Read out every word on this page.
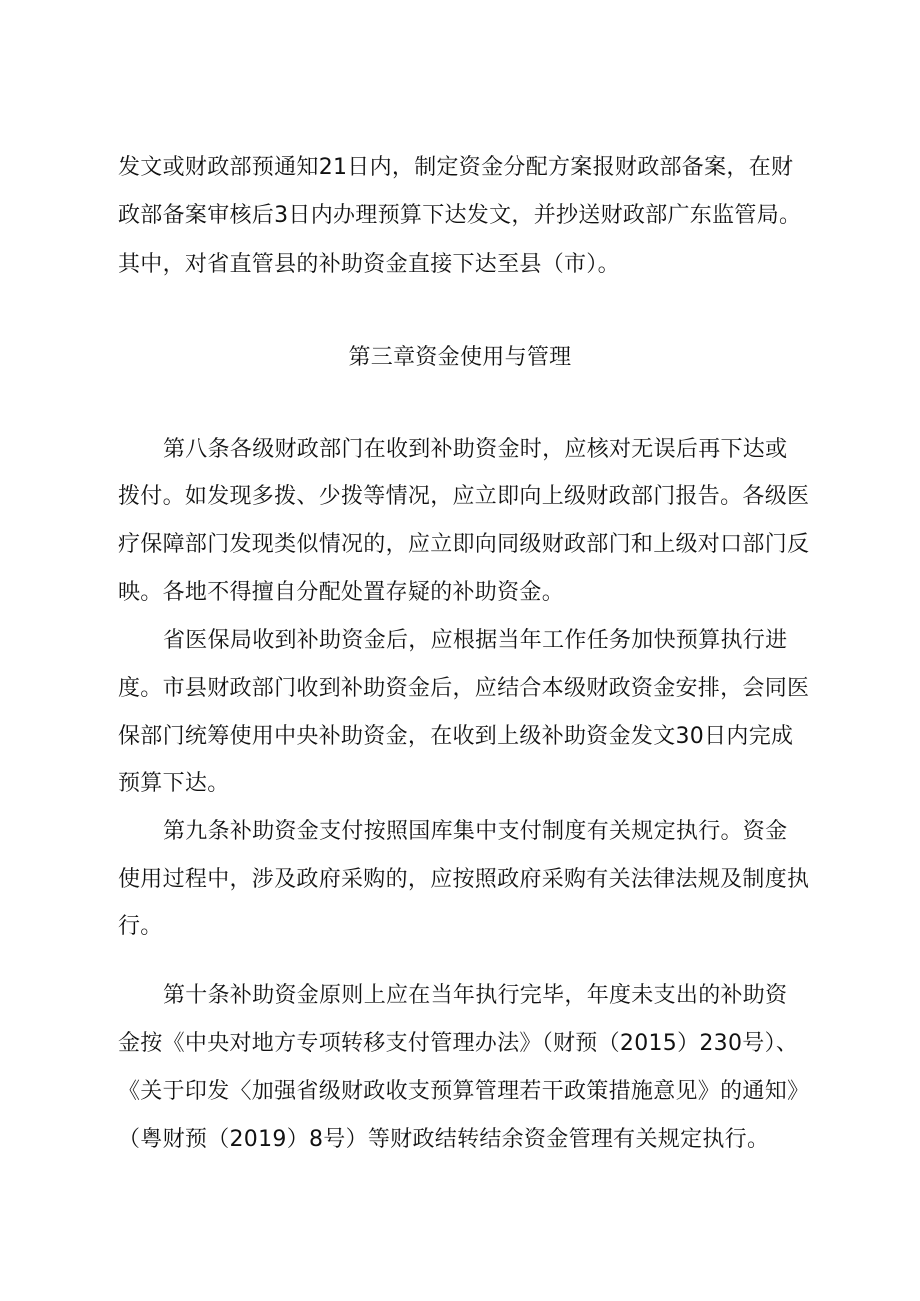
发文或财政部预通知21日内，制定资金分配方案报财政部备案，在财
政部备案审核后3日内办理预算下达发文，并抄送财政部广东监管局。
其中，对省直管县的补助资金直接下达至县（市）。
第三章资金使用与管理
第八条各级财政部门在收到补助资金时，应核对无误后再下达或
拨付。如发现多拨、少拨等情况，应立即向上级财政部门报告。各级医
疗保障部门发现类似情况的，应立即向同级财政部门和上级对口部门反
映。各地不得擅自分配处置存疑的补助资金。
省医保局收到补助资金后，应根据当年工作任务加快预算执行进
度。市县财政部门收到补助资金后，应结合本级财政资金安排，会同医
保部门统筹使用中央补助资金，在收到上级补助资金发文30日内完成
预算下达。
第九条补助资金支付按照国库集中支付制度有关规定执行。资金
使用过程中，涉及政府采购的，应按照政府采购有关法律法规及制度执
行。
第十条补助资金原则上应在当年执行完毕，年度未支出的补助资
金按《中央对地方专项转移支付管理办法》（财预（2015）230号）、
《关于印发〈加强省级财政收支预算管理若干政策措施意见》的通知》
（粤财预（2019）8号）等财政结转结余资金管理有关规定执行。
